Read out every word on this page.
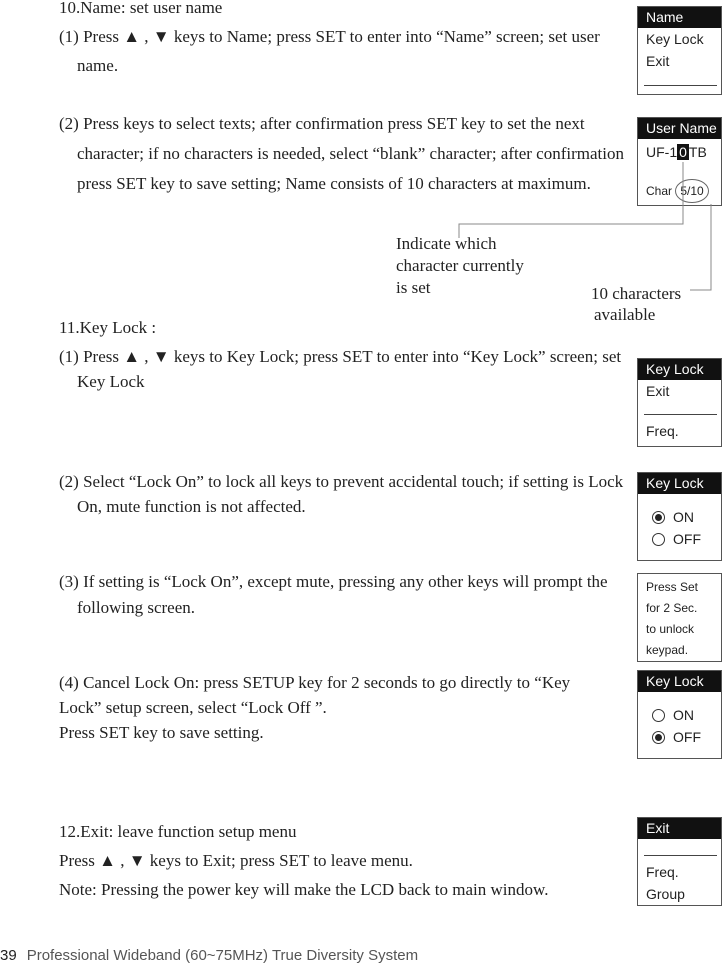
10.Name: set user name
(1) Press ▲ , ▼ keys to Name; press SET to enter into “Name” screen; set user
name.
(2) Press keys to select texts; after confirmation press SET key to set the next
character; if no characters is needed, select “blank” character; after confirmation
press SET key to save setting; Name consists of 10 characters at maximum.
Name
Key Lock
Exit
User Name
UF-1 0 TB
Char 5/10
Indicate which
character currently
is set	10 characters
available
11.Key Lock :
(1) Press ▲ , ▼ keys to Key Lock; press SET to enter into “Key Lock” screen; set
Key Lock
(2) Select “Lock On” to lock all keys to prevent accidental touch; if setting is Lock
On, mute function is not affected.
(3) If setting is “Lock On”, except mute, pressing any other keys will prompt the
following screen.
(4) Cancel Lock On: press SETUP key for 2 seconds to go directly to “Key
Lock” setup screen, select “Lock Off ”.
Press SET key to save setting.
Key Lock
Exit
Freq.
Key Lock
ON
OFF
Press Set
for 2 Sec.
to unlock
keypad.
Key Lock
ON
OFF
12.Exit: leave function setup menu
Press ▲ , ▼ keys to Exit; press SET to leave menu.
Note: Pressing the power key will make the LCD back to main window.
Exit
Freq.
Group
39 Professional Wideband (60~75MHz) True Diversity System
